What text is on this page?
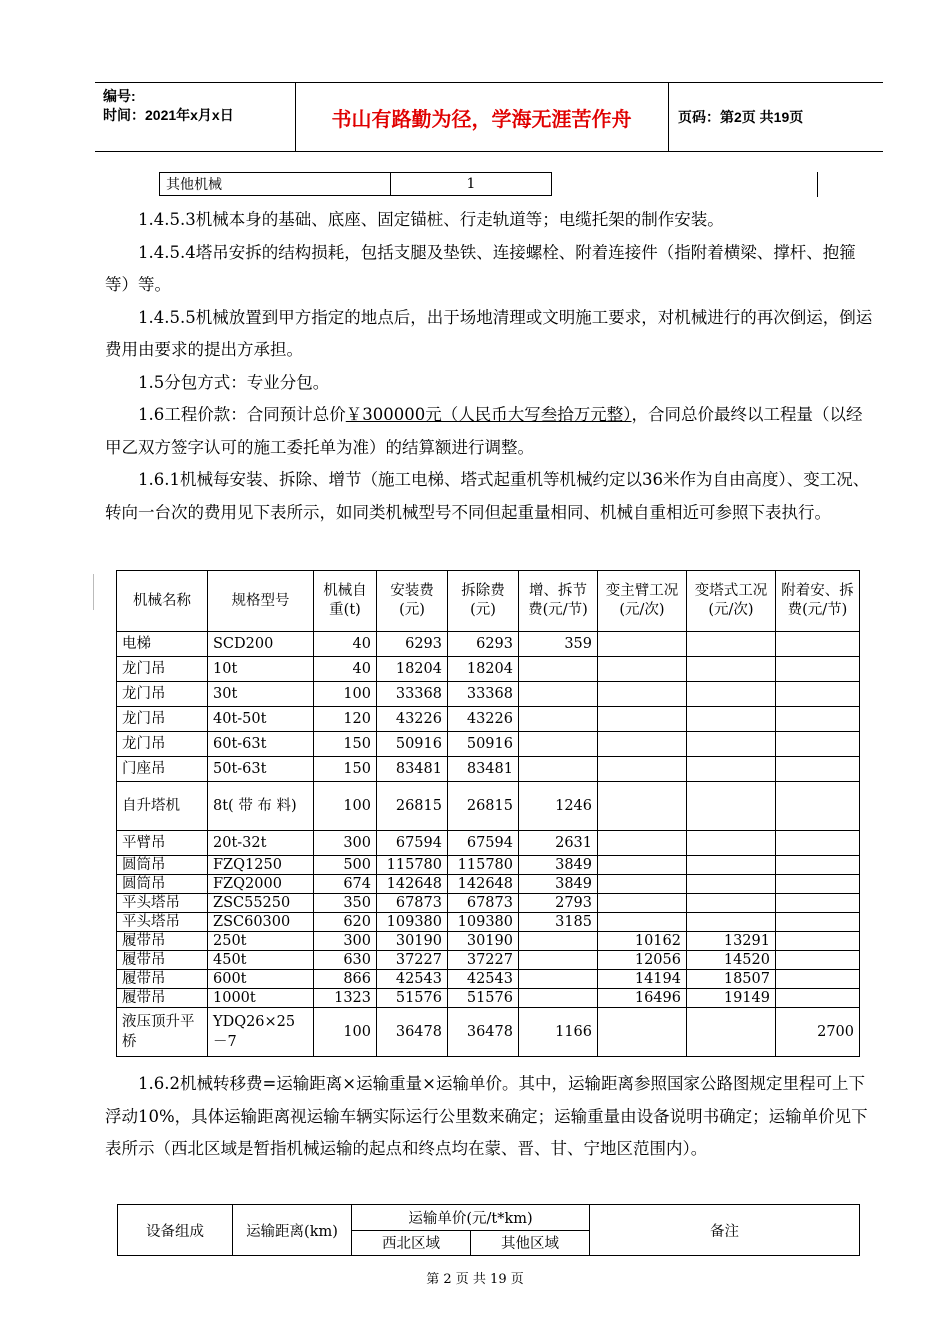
编号:
时间：2021年x月x日	书山有路勤为径，学海无涯苦作舟	页码：第2页 共19页
其他机械	1

1.4.5.3机械本身的基础、底座、固定锚桩、行走轨道等；电缆托架的制作安装。

1.4.5.4塔吊安拆的结构损耗，包括支腿及垫铁、连接螺栓、附着连接件（指附着横梁、撑杆、抱箍等）等。

1.4.5.5机械放置到甲方指定的地点后，出于场地清理或文明施工要求，对机械进行的再次倒运，倒运费用由要求的提出方承担。

1.5分包方式：专业分包。

1.6工程价款：合同预计总价￥300000元（人民币大写叁拾万元整），合同总价最终以工程量（以经甲乙双方签字认可的施工委托单为准）的结算额进行调整。

1.6.1机械每安装、拆除、增节（施工电梯、塔式起重机等机械约定以36米作为自由高度）、变工况、转向一台次的费用见下表所示，如同类机械型号不同但起重量相同、机械自重相近可参照下表执行。

机械名称	规格型号	机械自重(t)	安装费(元)	拆除费(元)	增、拆节费(元/节)	变主臂工况(元/次)	变塔式工况(元/次)	附着安、拆费(元/节)
电梯	SCD200	40	6293	6293	359			
龙门吊	10t	40	18204	18204				
龙门吊	30t	100	33368	33368				
龙门吊	40t-50t	120	43226	43226				
龙门吊	60t-63t	150	50916	50916				
门座吊	50t-63t	150	83481	83481				
自升塔机	8t( 带 布 料)	100	26815	26815	1246			
平臂吊	20t-32t	300	67594	67594	2631			
圆筒吊	FZQ1250	500	115780	115780	3849			
圆筒吊	FZQ2000	674	142648	142648	3849			
平头塔吊	ZSC55250	350	67873	67873	2793			
平头塔吊	ZSC60300	620	109380	109380	3185			
履带吊	250t	300	30190	30190		10162	13291	
履带吊	450t	630	37227	37227		12056	14520	
履带吊	600t	866	42543	42543		14194	18507	
履带吊	1000t	1323	51576	51576		16496	19149	
液压顶升平桥	YDQ26×25－7	100	36478	36478	1166			2700

1.6.2机械转移费=运输距离×运输重量×运输单价。其中，运输距离参照国家公路图规定里程可上下浮动10%，具体运输距离视运输车辆实际运行公里数来确定；运输重量由设备说明书确定；运输单价见下表所示（西北区域是暂指机械运输的起点和终点均在蒙、晋、甘、宁地区范围内）。

设备组成	运输距离(km)	运输单价(元/t*km)		备注
		西北区域	其他区域	
第 2 页 共 19 页
